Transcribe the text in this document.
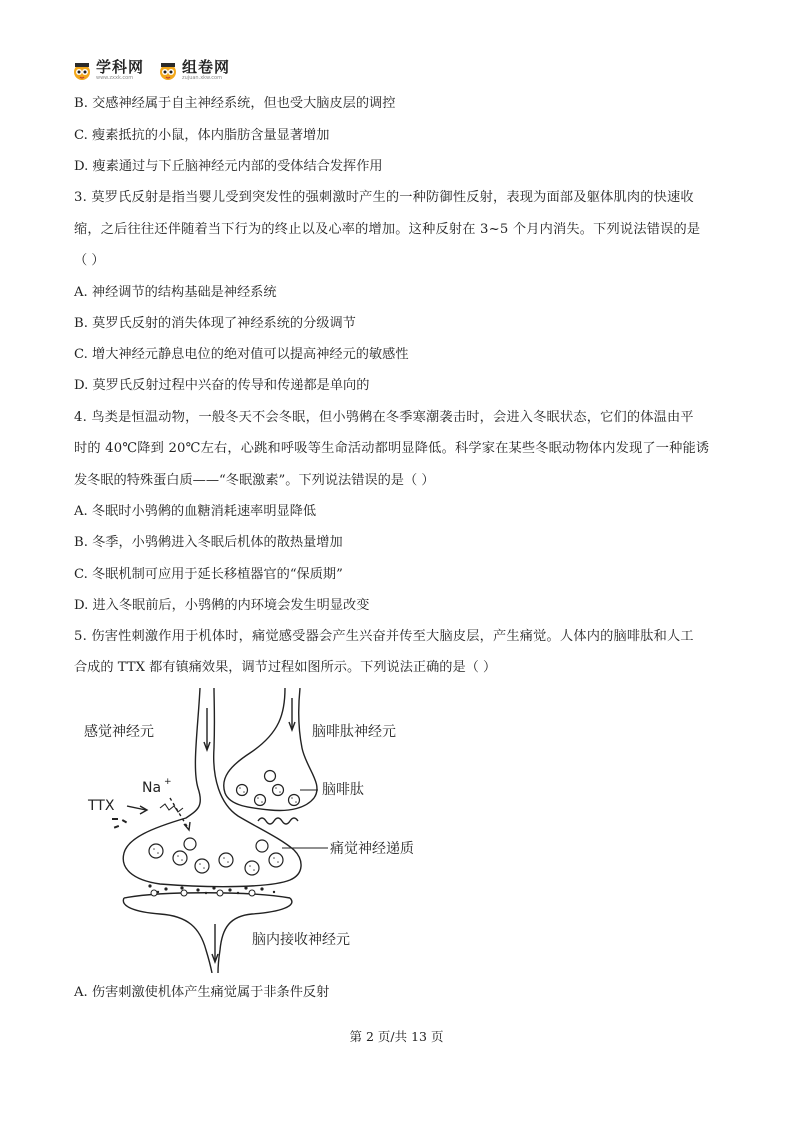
学科网
www.zxxk.com
组卷网
zujuan.xkw.com
B. 交感神经属于自主神经系统，但也受大脑皮层的调控
C. 瘦素抵抗的小鼠，体内脂肪含量显著增加
D. 瘦素通过与下丘脑神经元内部的受体结合发挥作用
3. 莫罗氏反射是指当婴儿受到突发性的强刺激时产生的一种防御性反射，表现为面部及躯体肌肉的快速收
缩，之后往往还伴随着当下行为的终止以及心率的增加。这种反射在 3~5 个月内消失。下列说法错误的是
（ ）
A. 神经调节的结构基础是神经系统
B. 莫罗氏反射的消失体现了神经系统的分级调节
C. 增大神经元静息电位的绝对值可以提高神经元的敏感性
D. 莫罗氏反射过程中兴奋的传导和传递都是单向的
4. 鸟类是恒温动物，一般冬天不会冬眠，但小鸮鸺在冬季寒潮袭击时，会进入冬眠状态，它们的体温由平
时的 40℃降到 20℃左右，心跳和呼吸等生命活动都明显降低。科学家在某些冬眠动物体内发现了一种能诱
发冬眠的特殊蛋白质——“冬眠激素”。下列说法错误的是（ ）
A. 冬眠时小鸮鸺的血糖消耗速率明显降低
B. 冬季，小鸮鸺进入冬眠后机体的散热量增加
C. 冬眠机制可应用于延长移植器官的“保质期”
D. 进入冬眠前后，小鸮鸺的内环境会发生明显改变
5. 伤害性刺激作用于机体时，痛觉感受器会产生兴奋并传至大脑皮层，产生痛觉。人体内的脑啡肽和人工
合成的 TTX 都有镇痛效果，调节过程如图所示。下列说法正确的是（ ）
感觉神经元	脑啡肽神经元
Na +
TTX
脑啡肽
痛觉神经递质
脑内接收神经元
A. 伤害刺激使机体产生痛觉属于非条件反射
第 2 页/共 13 页
